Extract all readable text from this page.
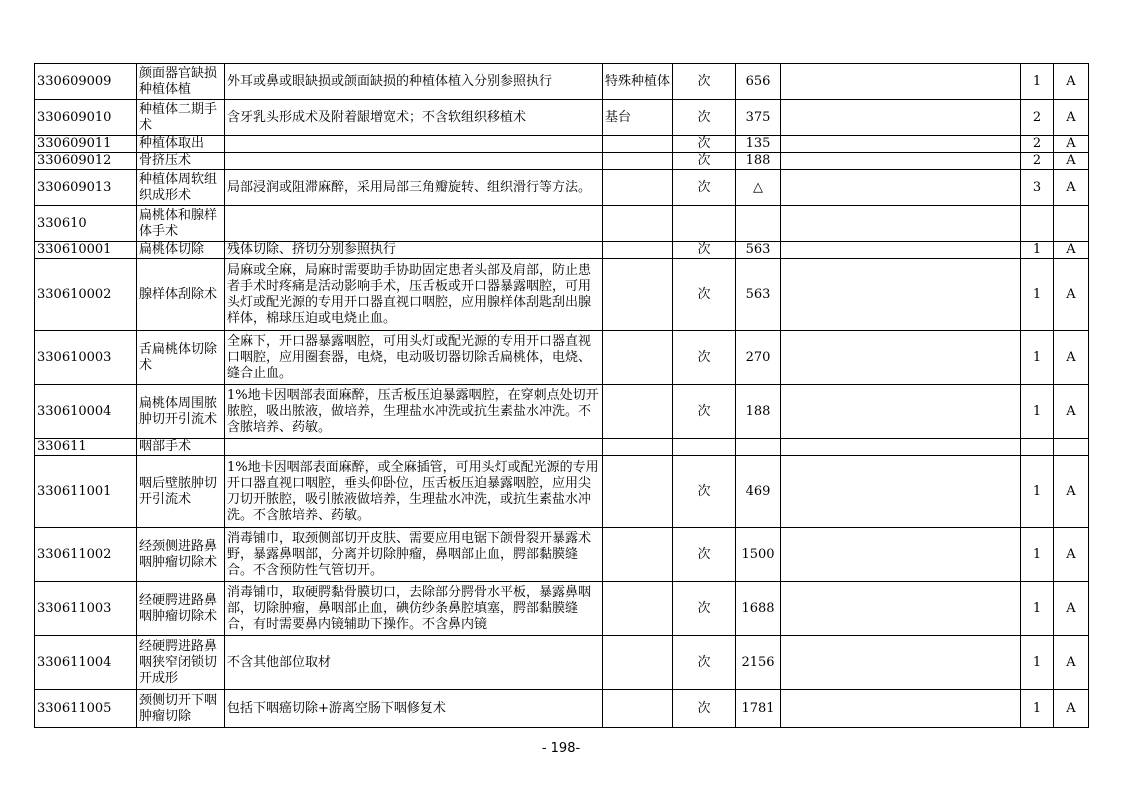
330609009	颜面器官缺损种植体植	外耳或鼻或眼缺损或颌面缺损的种植体植入分别参照执行	特殊种植体	次	656		1	A
330609010	种植体二期手术	含牙乳头形成术及附着龈增宽术；不含软组织移植术	基台	次	375		2	A
330609011	种植体取出			次	135		2	A
330609012	骨挤压术			次	188		2	A
330609013	种植体周软组织成形术	局部浸润或阻滞麻醉，采用局部三角瓣旋转、组织滑行等方法。		次	△		3	A
330610	扁桃体和腺样体手术							
330610001	扁桃体切除	残体切除、挤切分别参照执行		次	563		1	A
330610002	腺样体刮除术	局麻或全麻，局麻时需要助手协助固定患者头部及肩部，防止患者手术时疼痛是活动影响手术，压舌板或开口器暴露咽腔，可用头灯或配光源的专用开口器直视口咽腔，应用腺样体刮匙刮出腺样体，棉球压迫或电烧止血。		次	563		1	A
330610003	舌扁桃体切除术	全麻下，开口器暴露咽腔，可用头灯或配光源的专用开口器直视口咽腔，应用圈套器，电烧，电动吸切器切除舌扁桃体，电烧、缝合止血。		次	270		1	A
330610004	扁桃体周围脓肿切开引流术	1%地卡因咽部表面麻醉，压舌板压迫暴露咽腔，在穿刺点处切开脓腔，吸出脓液，做培养，生理盐水冲洗或抗生素盐水冲洗。不含脓培养、药敏。		次	188		1	A
330611	咽部手术							
330611001	咽后壁脓肿切开引流术	1%地卡因咽部表面麻醉，或全麻插管，可用头灯或配光源的专用开口器直视口咽腔，垂头仰卧位，压舌板压迫暴露咽腔，应用尖刀切开脓腔，吸引脓液做培养，生理盐水冲洗，或抗生素盐水冲洗。不含脓培养、药敏。		次	469		1	A
330611002	经颈侧进路鼻咽肿瘤切除术	消毒铺巾，取颈侧部切开皮肤、需要应用电锯下颌骨裂开暴露术野，暴露鼻咽部，分离并切除肿瘤，鼻咽部止血，腭部黏膜缝合。不含预防性气管切开。		次	1500		1	A
330611003	经硬腭进路鼻咽肿瘤切除术	消毒铺巾，取硬腭黏骨膜切口，去除部分腭骨水平板，暴露鼻咽部，切除肿瘤，鼻咽部止血，碘仿纱条鼻腔填塞，腭部黏膜缝合，有时需要鼻内镜辅助下操作。不含鼻内镜		次	1688		1	A
330611004	经硬腭进路鼻咽狭窄闭锁切开成形	不含其他部位取材		次	2156		1	A
330611005	颈侧切开下咽肿瘤切除	包括下咽癌切除+游离空肠下咽修复术		次	1781		1	A
- 198-
